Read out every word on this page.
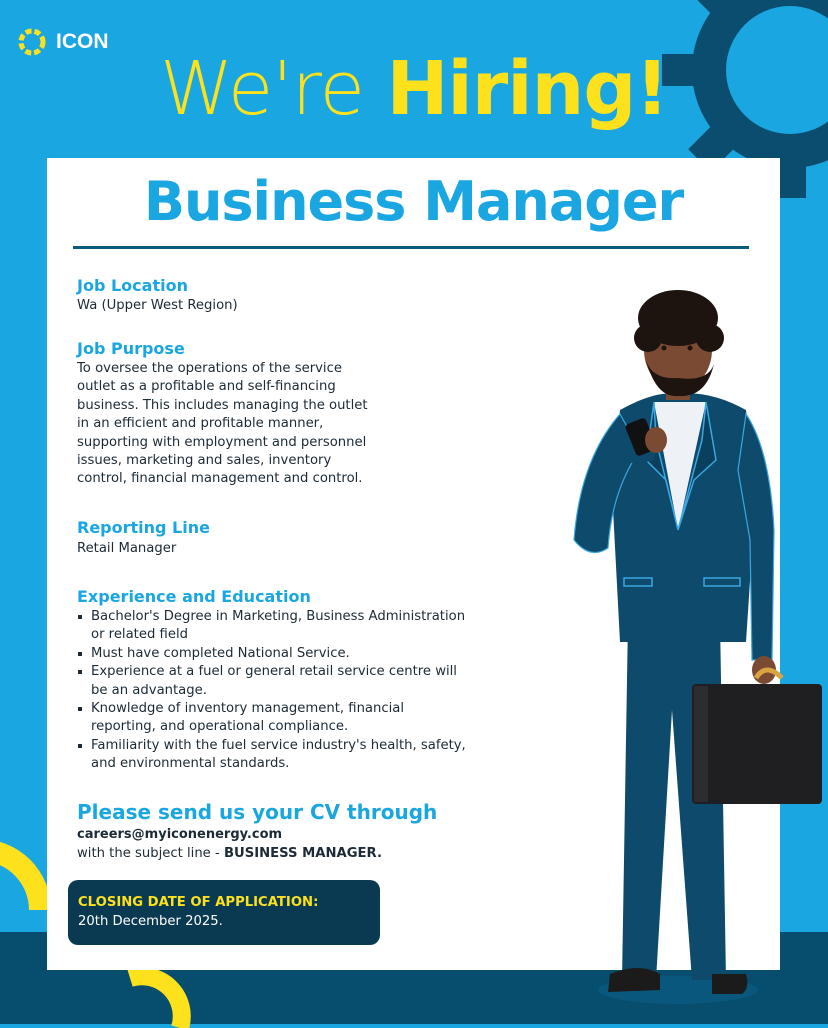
ICON
We're Hiring!
Business Manager
Job Location
Wa (Upper West Region)
Job Purpose
To oversee the operations of the service
outlet as a profitable and self-financing
business. This includes managing the outlet
in an efficient and profitable manner,
supporting with employment and personnel
issues, marketing and sales, inventory
control, financial management and control.
Reporting Line
Retail Manager
Experience and Education
Bachelor's Degree in Marketing, Business Administration
or related field
Must have completed National Service.
Experience at a fuel or general retail service centre will
be an advantage.
Knowledge of inventory management, financial
reporting, and operational compliance.
Familiarity with the fuel service industry's health, safety,
and environmental standards.
Please send us your CV through
careers@myiconenergy.com
with the subject line - BUSINESS MANAGER.
CLOSING DATE OF APPLICATION:
20th December 2025.
